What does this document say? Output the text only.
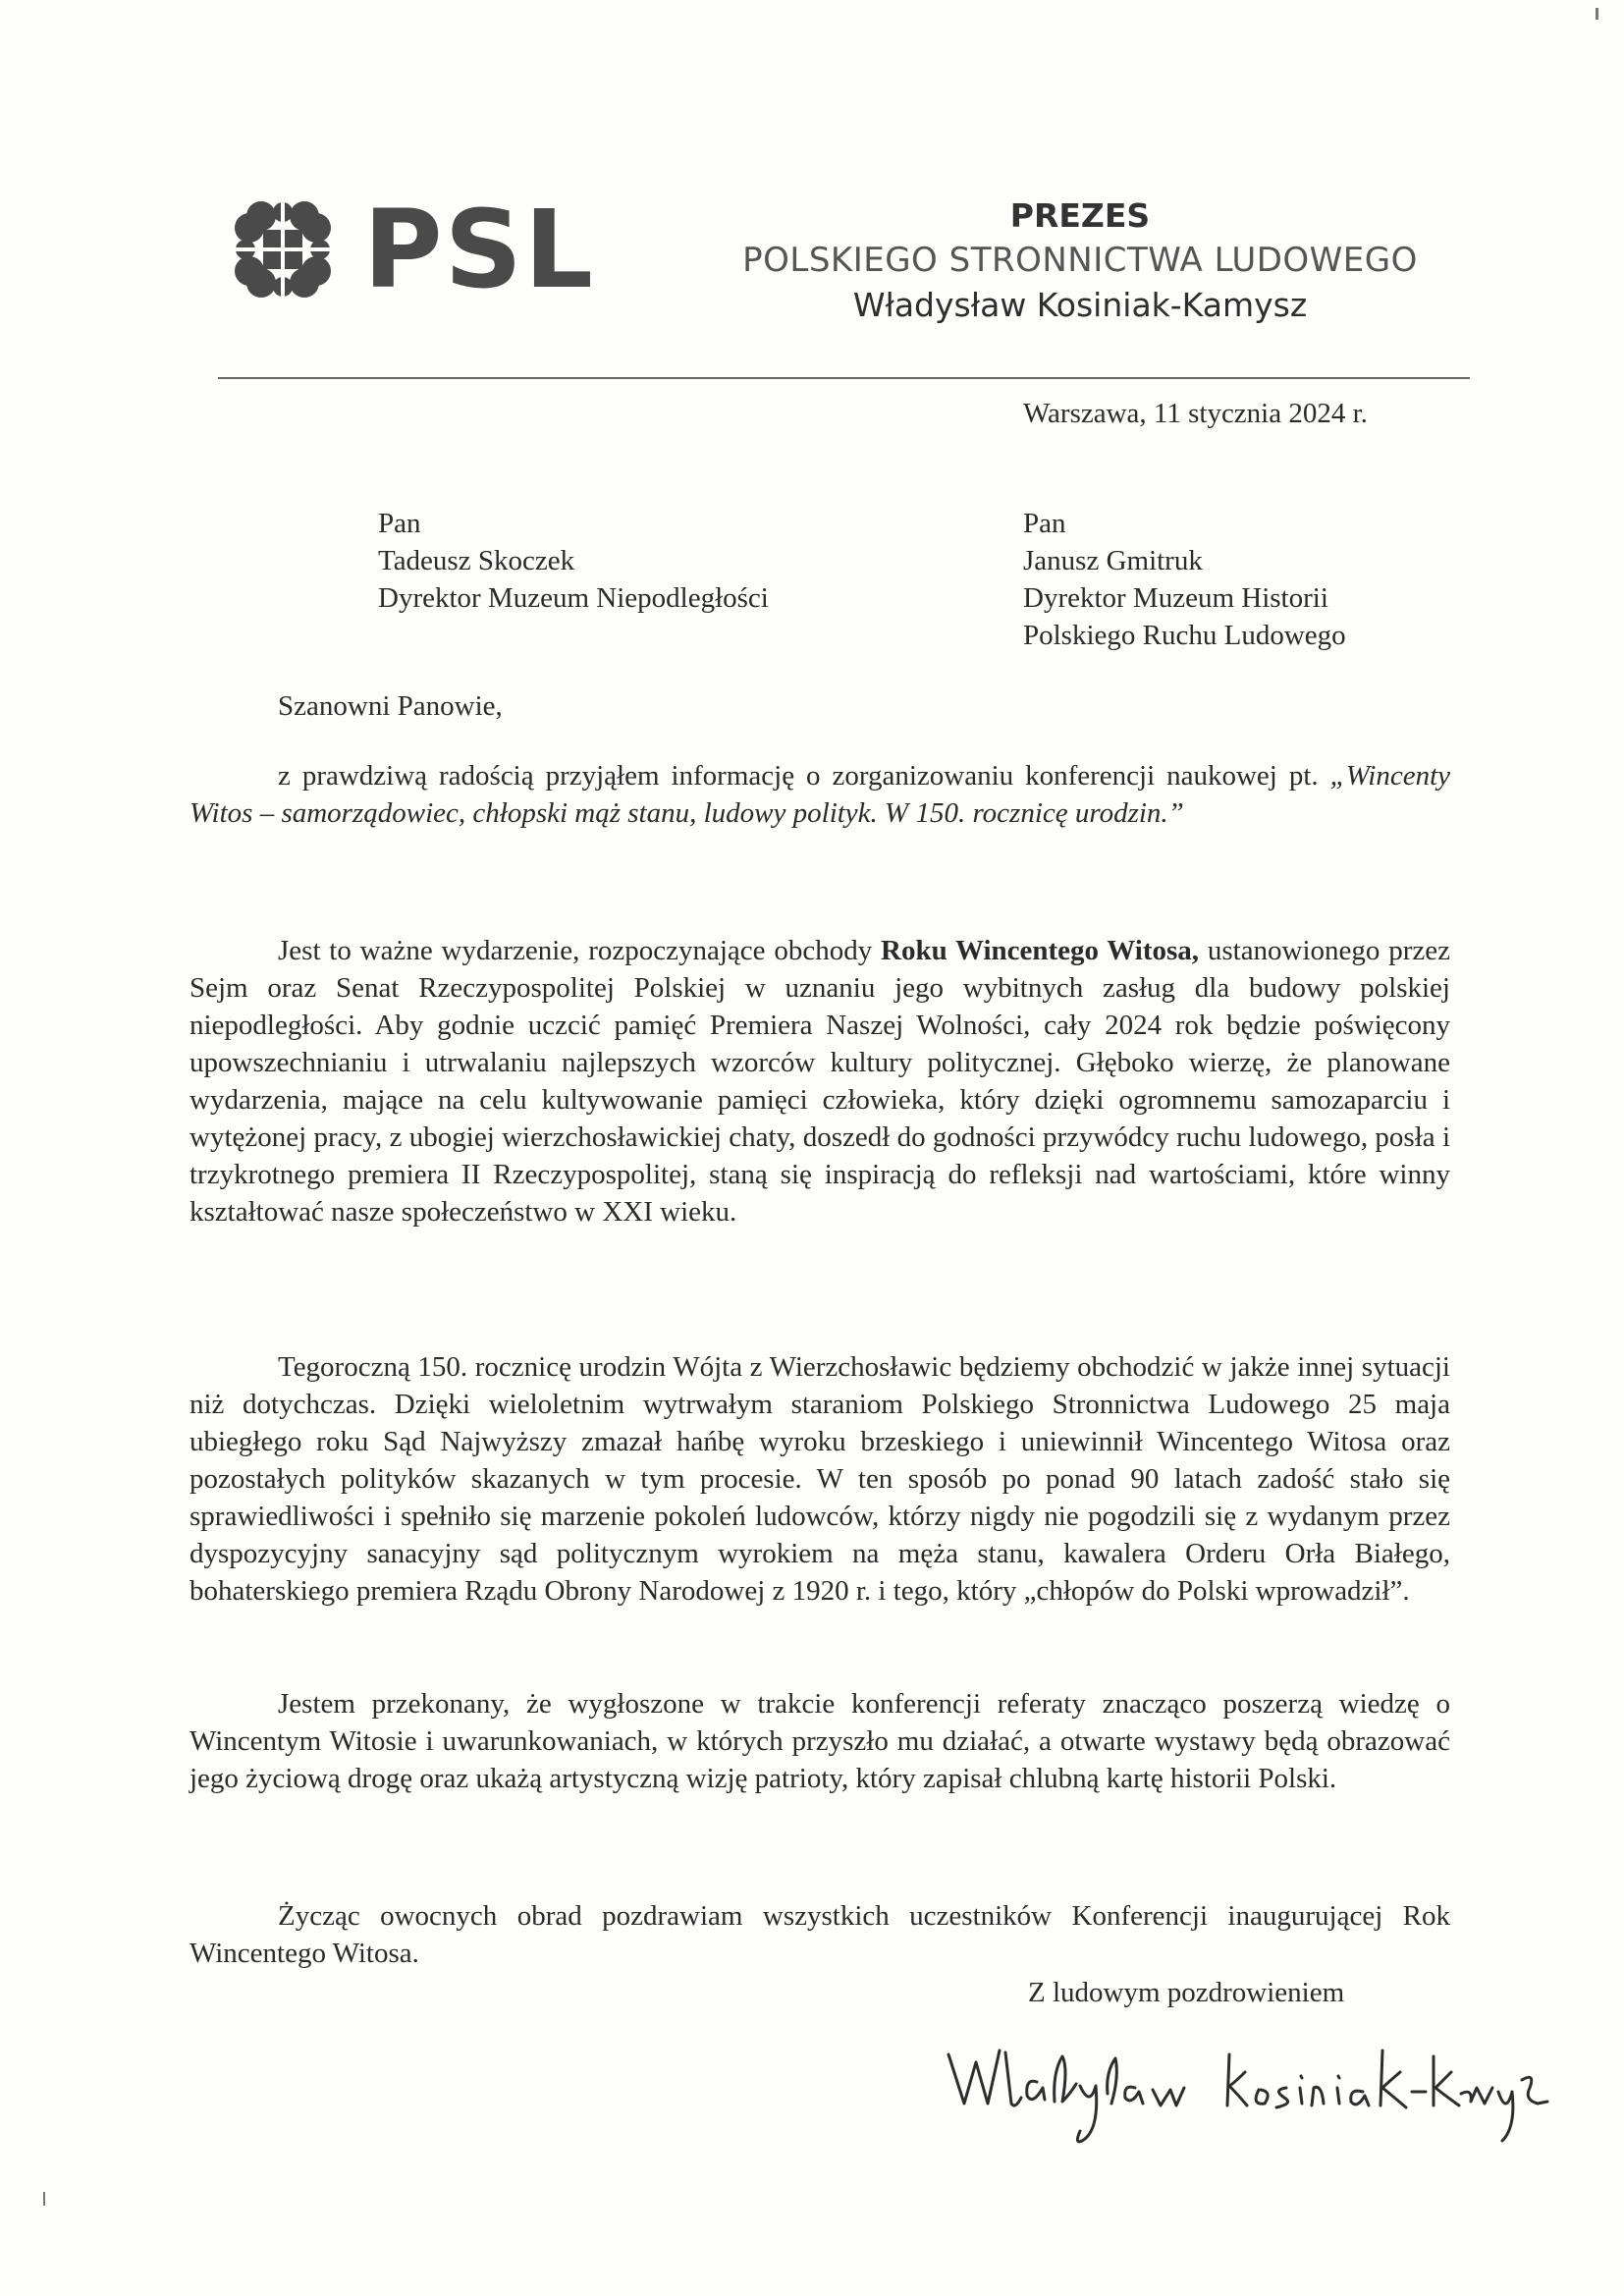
PSL	PREZES
POLSKIEGO STRONNICTWA LUDOWEGO
Władysław Kosiniak-Kamysz
Warszawa, 11 stycznia 2024 r.
Pan
Tadeusz Skoczek
Dyrektor Muzeum Niepodległości
Pan
Janusz Gmitruk
Dyrektor Muzeum Historii
Polskiego Ruchu Ludowego
Szanowni Panowie,
z prawdziwą radością przyjąłem informację o zorganizowaniu konferencji naukowej pt. „Wincenty Witos – samorządowiec, chłopski mąż stanu, ludowy polityk. W 150. rocznicę urodzin.”
Jest to ważne wydarzenie, rozpoczynające obchody Roku Wincentego Witosa, ustanowionego przez Sejm oraz Senat Rzeczypospolitej Polskiej w uznaniu jego wybitnych zasług dla budowy polskiej niepodległości. Aby godnie uczcić pamięć Premiera Naszej Wolności, cały 2024 rok będzie poświęcony upowszechnianiu i utrwalaniu najlepszych wzorców kultury politycznej. Głęboko wierzę, że planowane wydarzenia, mające na celu kultywowanie pamięci człowieka, który dzięki ogromnemu samozaparciu i wytężonej pracy, z ubogiej wierzchosławickiej chaty, doszedł do godności przywódcy ruchu ludowego, posła i trzykrotnego premiera II Rzeczypospolitej, staną się inspiracją do refleksji nad wartościami, które winny kształtować nasze społeczeństwo w XXI wieku.
Tegoroczną 150. rocznicę urodzin Wójta z Wierzchosławic będziemy obchodzić w jakże innej sytuacji niż dotychczas. Dzięki wieloletnim wytrwałym staraniom Polskiego Stronnictwa Ludowego 25 maja ubiegłego roku Sąd Najwyższy zmazał hańbę wyroku brzeskiego i uniewinnił Wincentego Witosa oraz pozostałych polityków skazanych w tym procesie. W ten sposób po ponad 90 latach zadość stało się sprawiedliwości i spełniło się marzenie pokoleń ludowców, którzy nigdy nie pogodzili się z wydanym przez dyspozycyjny sanacyjny sąd politycznym wyrokiem na męża stanu, kawalera Orderu Orła Białego, bohaterskiego premiera Rządu Obrony Narodowej z 1920 r. i tego, który „chłopów do Polski wprowadził”.
Jestem przekonany, że wygłoszone w trakcie konferencji referaty znacząco poszerzą wiedzę o Wincentym Witosie i uwarunkowaniach, w których przyszło mu działać, a otwarte wystawy będą obrazować jego życiową drogę oraz ukażą artystyczną wizję patrioty, który zapisał chlubną kartę historii Polski.
Życząc owocnych obrad pozdrawiam wszystkich uczestników Konferencji inaugurującej Rok Wincentego Witosa.
Z ludowym pozdrowieniem
